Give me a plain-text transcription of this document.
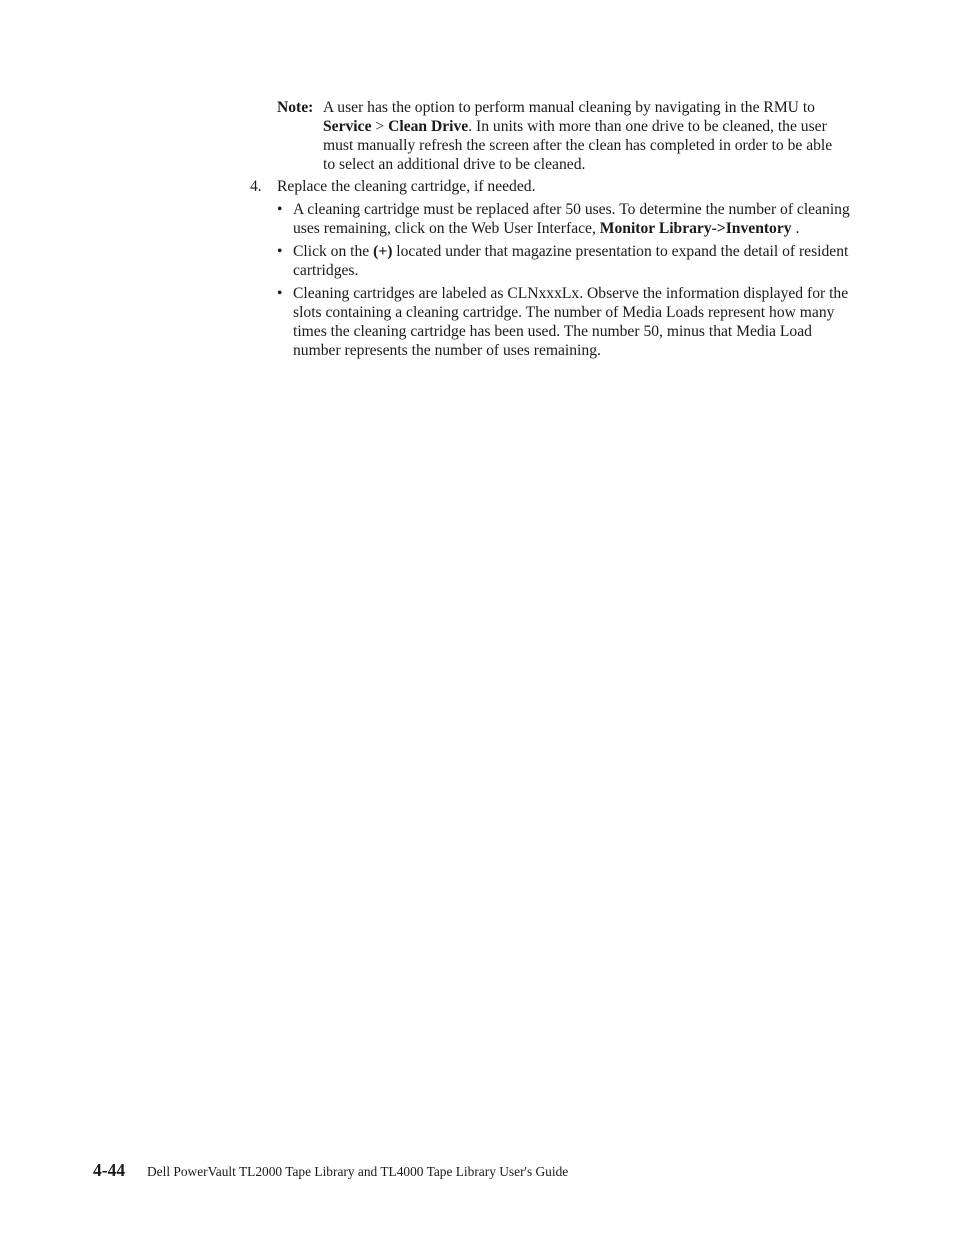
Note: A user has the option to perform manual cleaning by navigating in the RMU to Service > Clean Drive. In units with more than one drive to be cleaned, the user must manually refresh the screen after the clean has completed in order to be able to select an additional drive to be cleaned.
4. Replace the cleaning cartridge, if needed.
• A cleaning cartridge must be replaced after 50 uses. To determine the number of cleaning uses remaining, click on the Web User Interface, Monitor Library->Inventory .
• Click on the (+) located under that magazine presentation to expand the detail of resident cartridges.
• Cleaning cartridges are labeled as CLNxxxLx. Observe the information displayed for the slots containing a cleaning cartridge. The number of Media Loads represent how many times the cleaning cartridge has been used. The number 50, minus that Media Load number represents the number of uses remaining.
4-44 Dell PowerVault TL2000 Tape Library and TL4000 Tape Library User's Guide
